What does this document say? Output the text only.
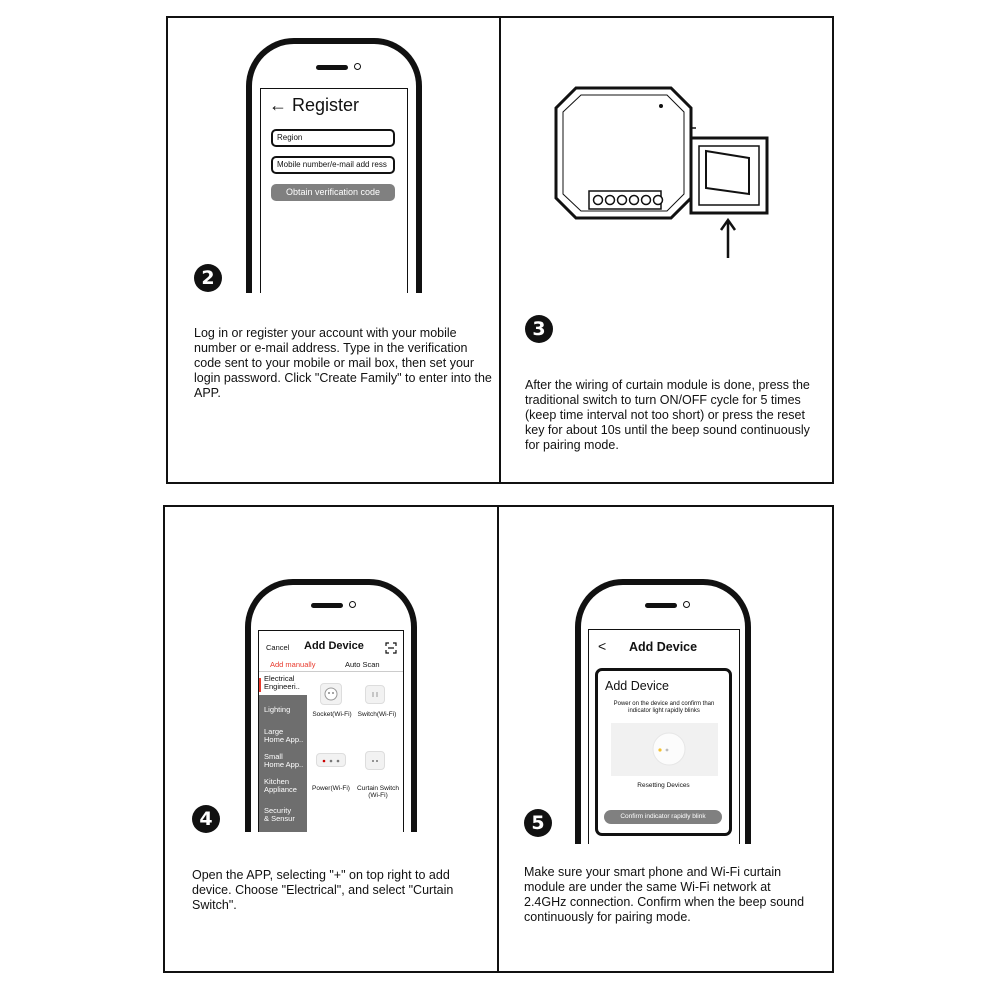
← Register
Region
Mobile number/e-mail add ress
Obtain verification code
2
Log in or register your account with your mobile number or e-mail address. Type in the verification code sent to your mobile or mail box, then set your login password. Click "Create Family" to enter into the APP.
3
After the wiring of curtain module is done, press the traditional switch to turn ON/OFF cycle for 5 times (keep time interval not too short) or press the reset key for about 10s until the beep sound continuously for pairing mode.
Cancel Add Device
Add manually	Auto Scan
Electrical
Engineeri..
Lighting
Large
Home App..
Small
Home App..
Kitchen
Appliance
Security
& Sensur
Socket(Wi-Fi) Switch(Wi-Fi)
Power(Wi-Fi)	Curtain Switch
(Wi-Fi)
4
Open the APP, selecting "+" on top right to add device. Choose "Electrical", and select "Curtain Switch".
< Add Device
Add Device
Power on the device and confirm than indicator light rapidly blinks
Resetting Devices
Confirm indicator rapidly blink
5
Make sure your smart phone and Wi-Fi curtain module are under the same Wi-Fi network at 2.4GHz connection. Confirm when the beep sound continuously for pairing mode.
